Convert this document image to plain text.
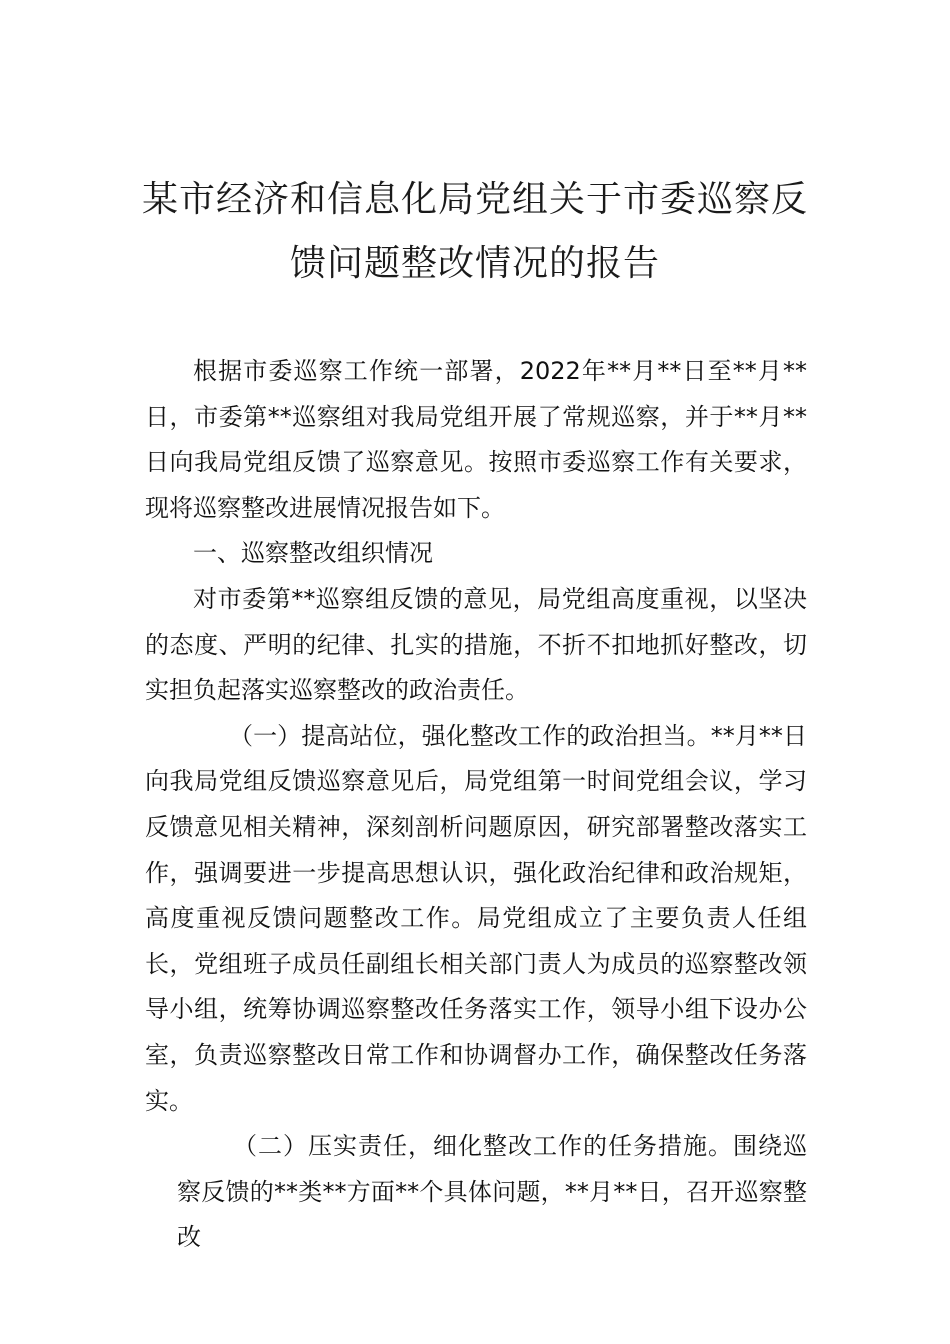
某市经济和信息化局党组关于市委巡察反
馈问题整改情况的报告

根据市委巡察工作统一部署，2022年**月**日至**月**日，市委第**巡察组对我局党组开展了常规巡察，并于**月**日向我局党组反馈了巡察意见。按照市委巡察工作有关要求，现将巡察整改进展情况报告如下。

一、巡察整改组织情况

对市委第**巡察组反馈的意见，局党组高度重视，以坚决的态度、严明的纪律、扎实的措施，不折不扣地抓好整改，切实担负起落实巡察整改的政治责任。

（一）提高站位，强化整改工作的政治担当。**月**日向我局党组反馈巡察意见后，局党组第一时间党组会议，学习反馈意见相关精神，深刻剖析问题原因，研究部署整改落实工作，强调要进一步提高思想认识，强化政治纪律和政治规矩，高度重视反馈问题整改工作。局党组成立了主要负责人任组长，党组班子成员任副组长相关部门责人为成员的巡察整改领导小组，统筹协调巡察整改任务落实工作，领导小组下设办公室，负责巡察整改日常工作和协调督办工作，确保整改任务落实。

（二）压实责任，细化整改工作的任务措施。围绕巡察反馈的**类**方面**个具体问题，**月**日，召开巡察整改
